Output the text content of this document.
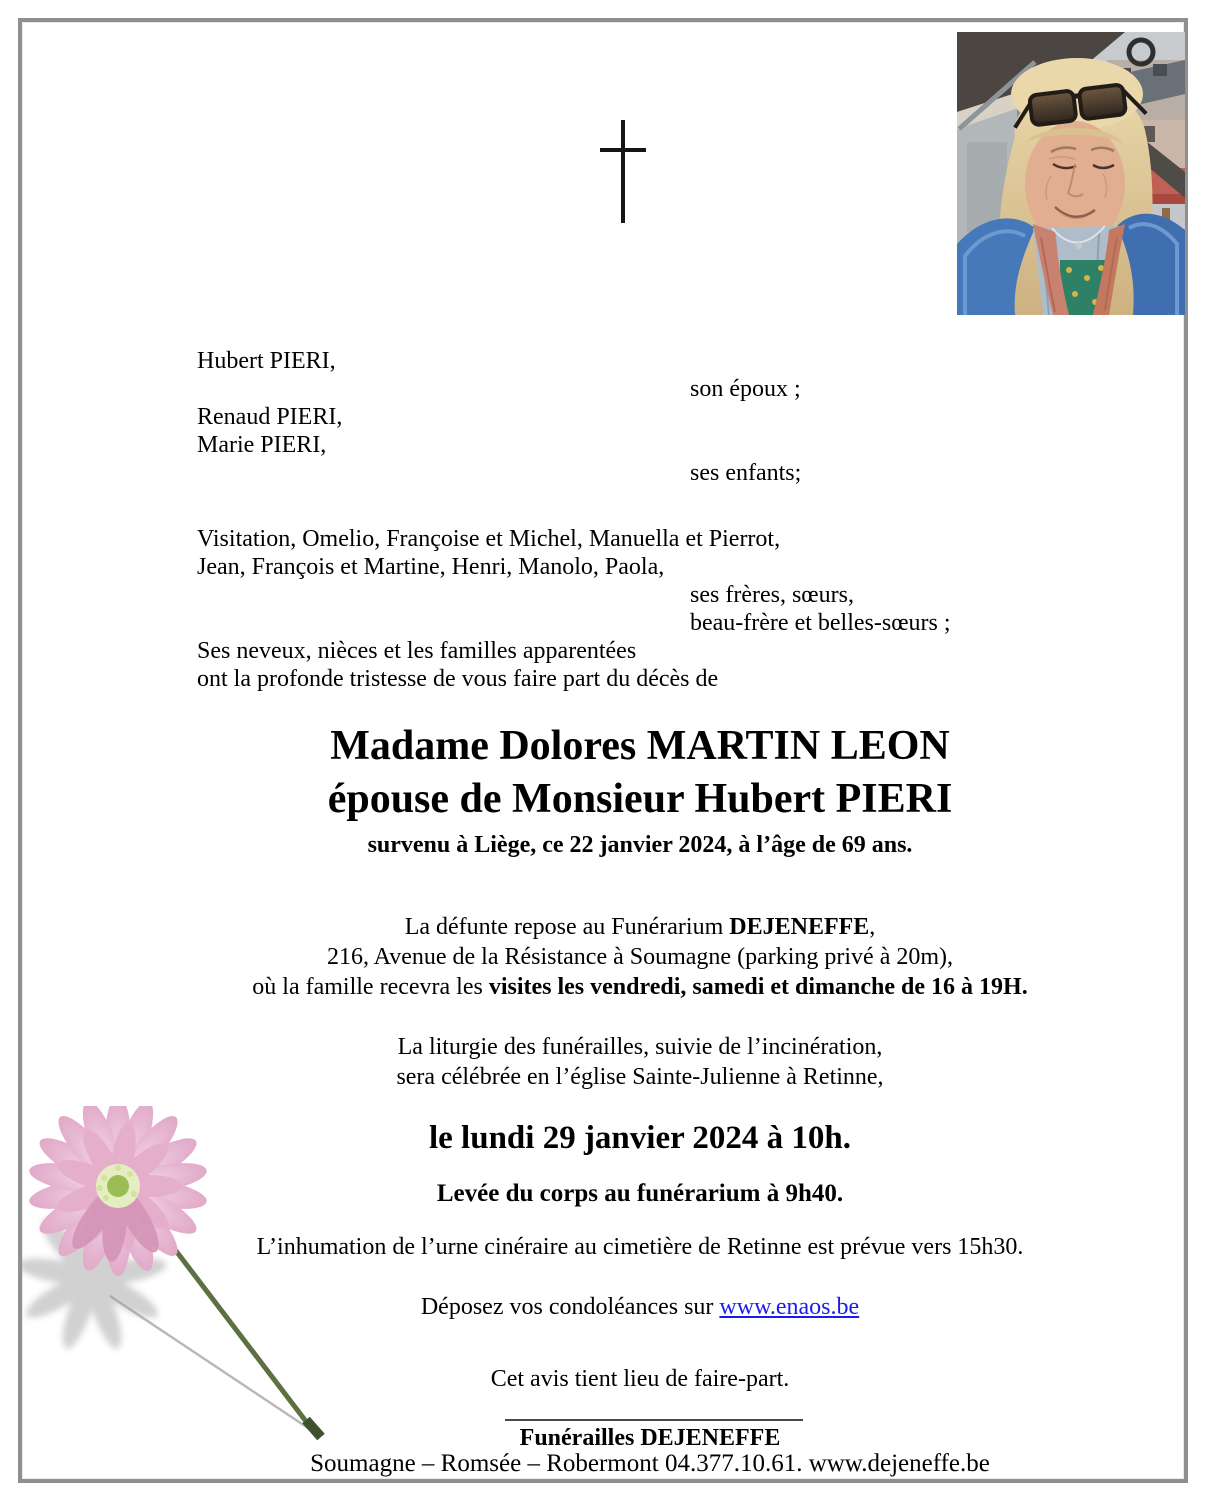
Hubert PIERI,
son époux ;
Renaud PIERI,
Marie PIERI,
ses enfants;
Visitation, Omelio, Françoise et Michel, Manuella et Pierrot,
Jean, François et Martine, Henri, Manolo, Paola,
ses frères, sœurs,
beau-frère et belles-sœurs ;
Ses neveux, nièces et les familles apparentées
ont la profonde tristesse de vous faire part du décès de
Madame Dolores MARTIN LEON
épouse de Monsieur Hubert PIERI
survenu à Liège, ce 22 janvier 2024, à l’âge de 69 ans.
La défunte repose au Funérarium DEJENEFFE,
216, Avenue de la Résistance à Soumagne (parking privé à 20m),
où la famille recevra les visites les vendredi, samedi et dimanche de 16 à 19H.
La liturgie des funérailles, suivie de l’incinération,
sera célébrée en l’église Sainte-Julienne à Retinne,
le lundi 29 janvier 2024 à 10h.
Levée du corps au funérarium à 9h40.
L’inhumation de l’urne cinéraire au cimetière de Retinne est prévue vers 15h30.
Déposez vos condoléances sur www.enaos.be
Cet avis tient lieu de faire-part.
Funérailles DEJENEFFE
Soumagne – Romsée – Robermont 04.377.10.61. www.dejeneffe.be
